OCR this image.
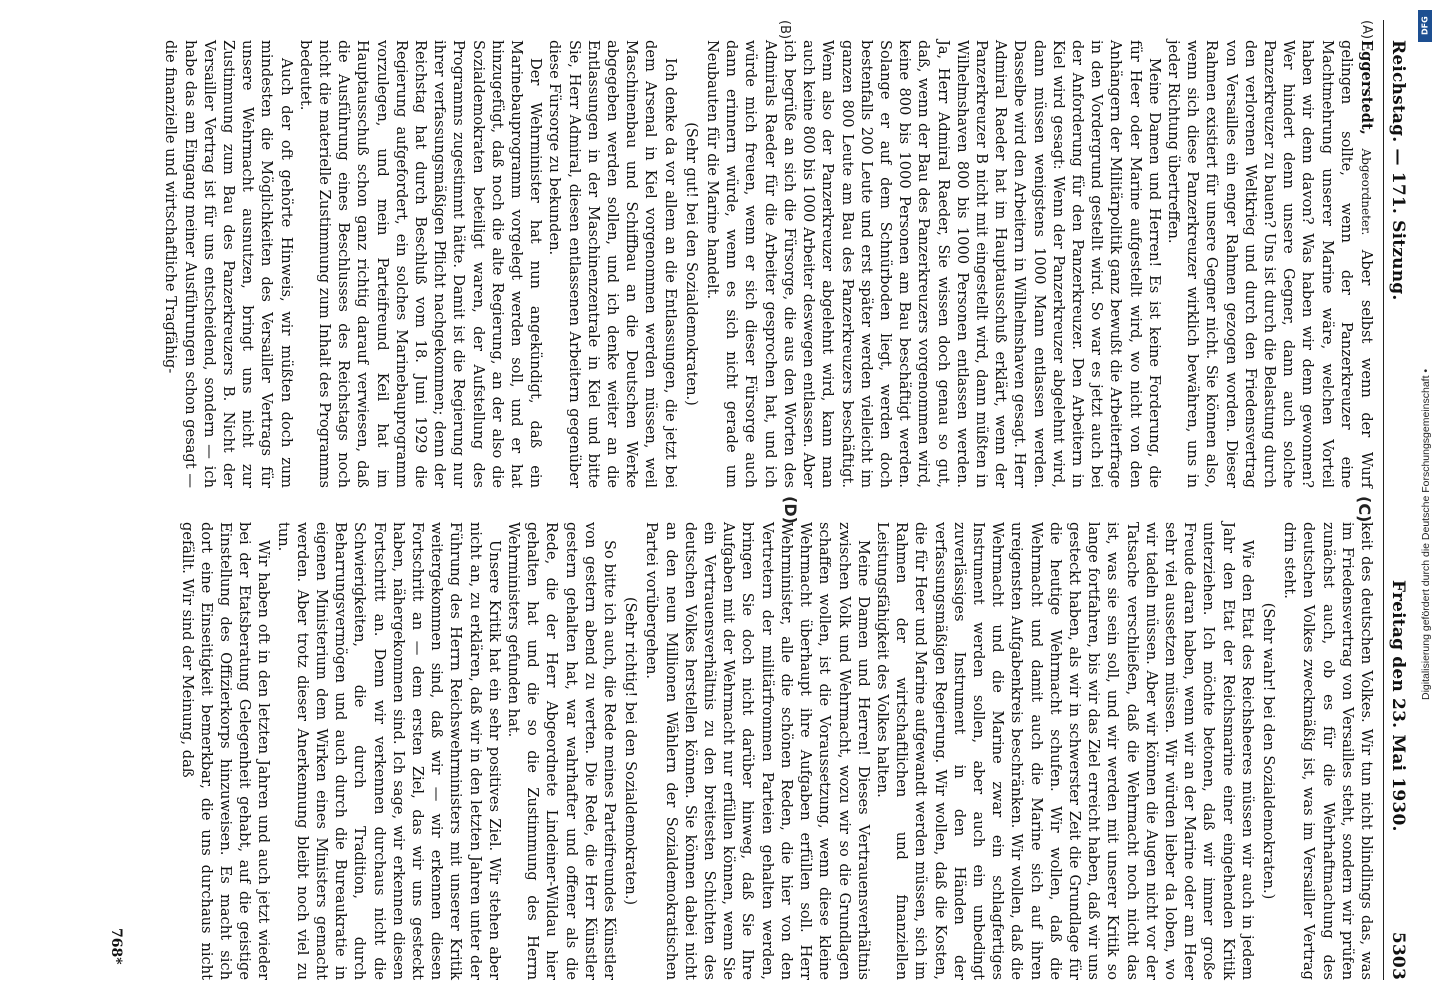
Reichstag. — 171. Sitzung.
Freitag den 23. Mai 1930.
5303

Eggerstedt, Abgeordneter. Aber selbst wenn der Wurf gelingen sollte, wenn der Panzerkreuzer eine Machtmehrung unserer Marine wäre, welchen Vorteil haben wir denn davon? Was haben wir denn gewonnen? Wer hindert denn unsere Gegner, dann auch solche Panzerkreuzer zu bauen? Uns ist durch die Belastung durch den verlorenen Weltkrieg und durch den Friedensvertrag von Versailles ein enger Rahmen gezogen worden. Dieser Rahmen existiert für unsere Gegner nicht. Sie können also, wenn sich diese Panzerkreuzer wirklich bewähren, uns in jeder Richtung übertreffen.

Meine Damen und Herren! Es ist keine Forderung, die für Heer oder Marine aufgestellt wird, wo nicht von den Anhängern der Militärpolitik ganz bewußt die Arbeiterfrage in den Vordergrund gestellt wird. So war es jetzt auch bei der Anforderung für den Panzerkreuzer. Den Arbeitern in Kiel wird gesagt: Wenn der Panzerkreuzer abgelehnt wird, dann müssen wenigstens 1000 Mann entlassen werden. Dasselbe wird den Arbeitern in Wilhelmshaven gesagt. Herr Admiral Raeder hat im Hauptausschuß erklärt, wenn der Panzerkreuzer B nicht mit eingestellt wird, dann müßten in Wilhelmshaven 800 bis 1000 Personen entlassen werden. Ja, Herr Admiral Raeder, Sie wissen doch genau so gut, daß, wenn der Bau des Panzerkreuzers vorgenommen wird, keine 800 bis 1000 Personen am Bau beschäftigt werden. Solange er auf dem Schnürboden liegt, werden doch bestenfalls 200 Leute und erst später werden vielleicht im ganzen 800 Leute am Bau des Panzerkreuzers beschäftigt. Wenn also der Panzerkreuzer abgelehnt wird, kann man auch keine 800 bis 1000 Arbeiter deswegen entlassen. Aber ich begrüße an sich die Fürsorge, die aus den Worten des Admirals Raeder für die Arbeiter gesprochen hat, und ich würde mich freuen, wenn er sich dieser Fürsorge auch dann erinnern würde, wenn es sich nicht gerade um Neubauten für die Marine handelt.

(Sehr gut! bei den Sozialdemokraten.)

Ich denke da vor allem an die Entlassungen, die jetzt bei dem Arsenal in Kiel vorgenommen werden müssen, weil Maschinenbau und Schiffbau an die Deutschen Werke abgegeben werden sollen, und ich denke weiter an die Entlassungen in der Maschinenzentrale in Kiel und bitte Sie, Herr Admiral, diesen entlassenen Arbeitern gegenüber diese Fürsorge zu bekunden.

Der Wehrminister hat nun angekündigt, daß ein Marinebauprogramm vorgelegt werden soll, und er hat hinzugefügt, daß noch die alte Regierung, an der also die Sozialdemokraten beteiligt waren, der Aufstellung des Programms zugestimmt hätte. Damit ist die Regierung nur ihrer verfassungsmäßigen Pflicht nachgekommen; denn der Reichstag hat durch Beschluß vom 18. Juni 1929 die Regierung aufgefordert, ein solches Marinebauprogramm vorzulegen, und mein Parteifreund Keil hat im Hauptausschuß schon ganz richtig darauf verwiesen, daß die Ausführung eines Beschlusses des Reichstags noch nicht die materielle Zustimmung zum Inhalt des Programms bedeutet.

Auch der oft gehörte Hinweis, wir müßten doch zum mindesten die Möglichkeiten des Versailler Vertrags für unsere Wehrmacht ausnutzen, bringt uns nicht zur Zustimmung zum Bau des Panzerkreuzers B. Nicht der Versailler Vertrag ist für uns entscheidend, sondern — ich habe das am Eingang meiner Ausführungen schon gesagt — die finanzielle und wirtschaftliche Tragfähig-

keit des deutschen Volkes. Wir tun nicht blindlings das, was im Friedensvertrag von Versailles steht, sondern wir prüfen zunächst auch, ob es für die Wehrhaftmachung des deutschen Volkes zweckmäßig ist, was im Versailler Vertrag drin steht.

(Sehr wahr! bei den Sozialdemokraten.)

Wie den Etat des Reichsheeres müssen wir auch in jedem Jahr den Etat der Reichsmarine einer eingehenden Kritik unterziehen. Ich möchte betonen, daß wir immer große Freude daran haben, wenn wir an der Marine oder am Heer sehr viel aussetzen müssen. Wir würden lieber da loben, wo wir tadeln müssen. Aber wir können die Augen nicht vor der Tatsache verschließen, daß die Wehrmacht noch nicht das ist, was sie sein soll, und wir werden mit unserer Kritik so lange fortfahren, bis wir das Ziel erreicht haben, daß wir uns gesteckt haben, als wir in schwerster Zeit die Grundlage für die heutige Wehrmacht schufen. Wir wollen, daß die Wehrmacht und damit auch die Marine sich auf ihren ureigensten Aufgabenkreis beschränken. Wir wollen, daß die Wehrmacht und die Marine zwar ein schlagfertiges Instrument werden sollen, aber auch ein unbedingt zuverlässiges Instrument in den Händen der verfassungsmäßigen Regierung. Wir wollen, daß die Kosten, die für Heer und Marine aufgewandt werden müssen, sich im Rahmen der wirtschaftlichen und finanziellen Leistungsfähigkeit des Volkes halten.

Meine Damen und Herren! Dieses Vertrauensverhältnis zwischen Volk und Wehrmacht, wozu wir so die Grundlagen schaffen wollen, ist die Voraussetzung, wenn diese kleine Wehrmacht überhaupt ihre Aufgaben erfüllen soll. Herr Wehrminister, alle die schönen Reden, die hier von den Vertretern der militärfrommen Parteien gehalten werden, bringen Sie doch nicht darüber hinweg, daß Sie Ihre Aufgaben mit der Wehrmacht nur erfüllen können, wenn Sie ein Vertrauensverhältnis zu den breitesten Schichten des deutschen Volkes herstellen können. Sie können dabei nicht an den neun Millionen Wählern der Sozialdemokratischen Partei vorübergehen.

(Sehr richtig! bei den Sozialdemokraten.)

So bitte ich auch, die Rede meines Parteifreundes Künstler von gestern abend zu werten. Die Rede, die Herr Künstler gestern gehalten hat, war wahrhafter und offener als die Rede, die der Herr Abgeordnete Lindeiner-Wildau hier gehalten hat und die so die Zustimmung des Herrn Wehrministers gefunden hat.

Unsere Kritik hat ein sehr positives Ziel. Wir stehen aber nicht an, zu erklären, daß wir in den letzten Jahren unter der Führung des Herrn Reichswehrministers mit unserer Kritik weitergekommen sind, daß wir — wir erkennen diesen Fortschritt an — dem ersten Ziel, das wir uns gesteckt haben, nähergekommen sind. Ich sage, wir erkennen diesen Fortschritt an. Denn wir verkennen durchaus nicht die Schwierigkeiten, die durch Tradition, durch Beharrungsvermögen und auch durch die Bureaukratie in eigenen Ministerium dem Wirken eines Ministers gemacht werden. Aber trotz dieser Anerkennung bleibt noch viel zu tun.

Wir haben oft in den letzten Jahren und auch jetzt wieder bei der Etatsberatung Gelegenheit gehabt, auf die geistige Einstellung des Offizierkorps hinzuweisen. Es macht sich dort eine Einseitigkeit bemerkbar, die uns durchaus nicht gefällt. Wir sind der Meinung, daß

(A)
(B)
(C)
(D)
768*
Digitalisierung gefördert durch die Deutsche Forschungsgemeinschaft •
DFG
